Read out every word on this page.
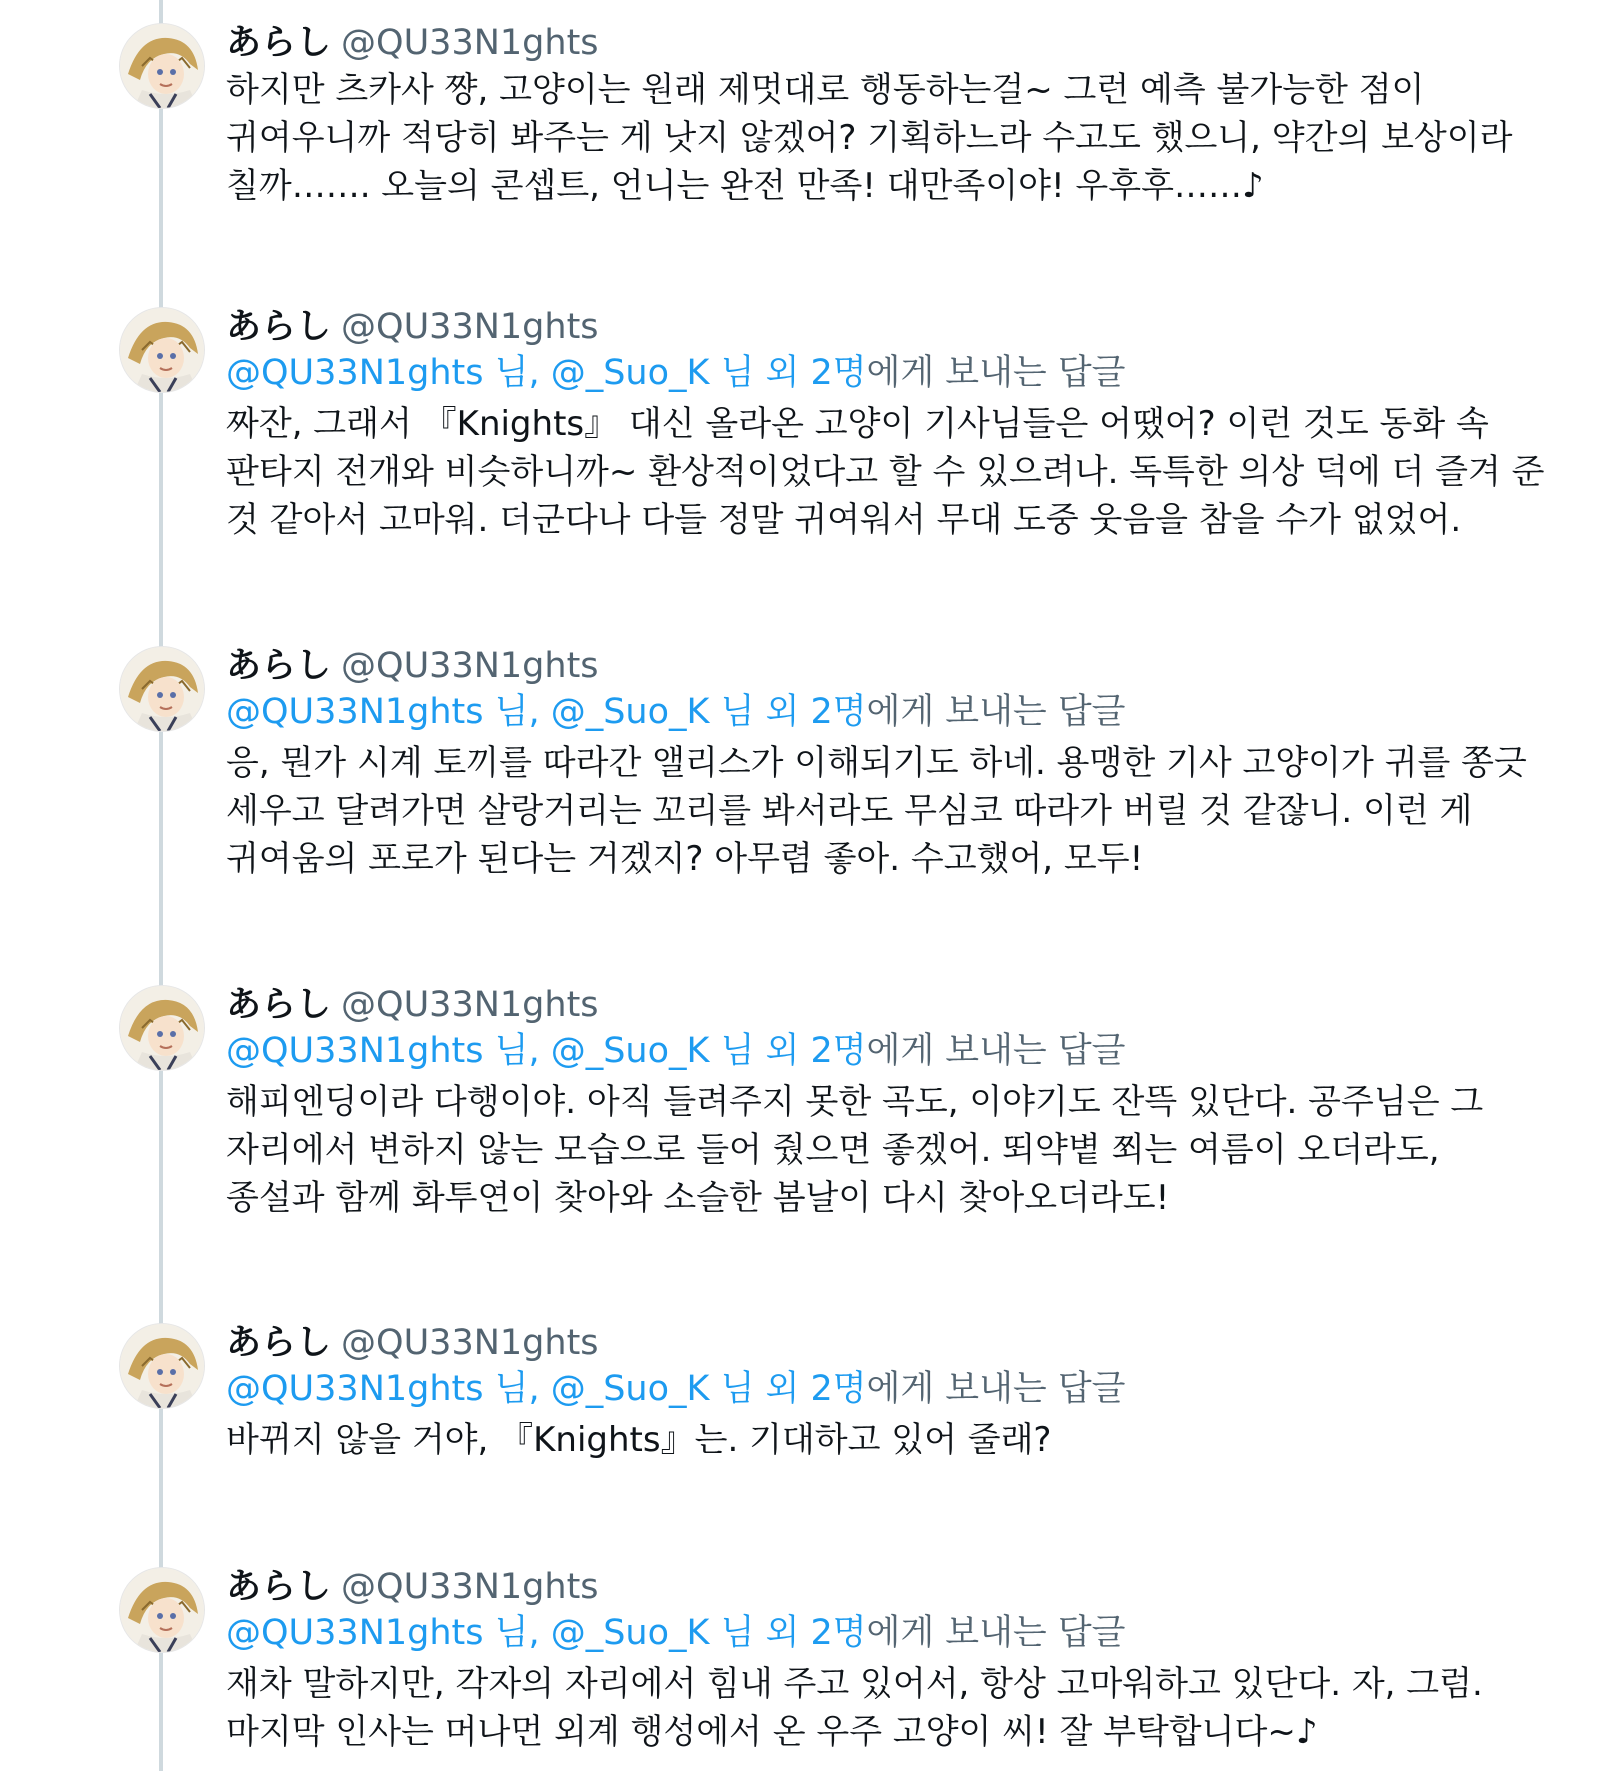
あらし @QU33N1ghts
하지만 츠카사 쨩, 고양이는 원래 제멋대로 행동하는걸~ 그런 예측 불가능한 점이
귀여우니까 적당히 봐주는 게 낫지 않겠어? 기획하느라 수고도 했으니, 약간의 보상이라
칠까……. 오늘의 콘셉트, 언니는 완전 만족! 대만족이야! 우후후……♪
あらし @QU33N1ghts
@QU33N1ghts 님, @_Suo_K 님 외 2명에게 보내는 답글
짜잔, 그래서 『Knights』 대신 올라온 고양이 기사님들은 어땠어? 이런 것도 동화 속
판타지 전개와 비슷하니까~ 환상적이었다고 할 수 있으려나. 독특한 의상 덕에 더 즐겨 준
것 같아서 고마워. 더군다나 다들 정말 귀여워서 무대 도중 웃음을 참을 수가 없었어.
あらし @QU33N1ghts
@QU33N1ghts 님, @_Suo_K 님 외 2명에게 보내는 답글
응, 뭔가 시계 토끼를 따라간 앨리스가 이해되기도 하네. 용맹한 기사 고양이가 귀를 쫑긋
세우고 달려가면 살랑거리는 꼬리를 봐서라도 무심코 따라가 버릴 것 같잖니. 이런 게
귀여움의 포로가 된다는 거겠지? 아무렴 좋아. 수고했어, 모두!
あらし @QU33N1ghts
@QU33N1ghts 님, @_Suo_K 님 외 2명에게 보내는 답글
해피엔딩이라 다행이야. 아직 들려주지 못한 곡도, 이야기도 잔뜩 있단다. 공주님은 그
자리에서 변하지 않는 모습으로 들어 줬으면 좋겠어. 뙤약볕 쬐는 여름이 오더라도,
종설과 함께 화투연이 찾아와 소슬한 봄날이 다시 찾아오더라도!
あらし @QU33N1ghts
@QU33N1ghts 님, @_Suo_K 님 외 2명에게 보내는 답글
바뀌지 않을 거야, 『Knights』는. 기대하고 있어 줄래?
あらし @QU33N1ghts
@QU33N1ghts 님, @_Suo_K 님 외 2명에게 보내는 답글
재차 말하지만, 각자의 자리에서 힘내 주고 있어서, 항상 고마워하고 있단다. 자, 그럼.
마지막 인사는 머나먼 외계 행성에서 온 우주 고양이 씨! 잘 부탁합니다~♪
